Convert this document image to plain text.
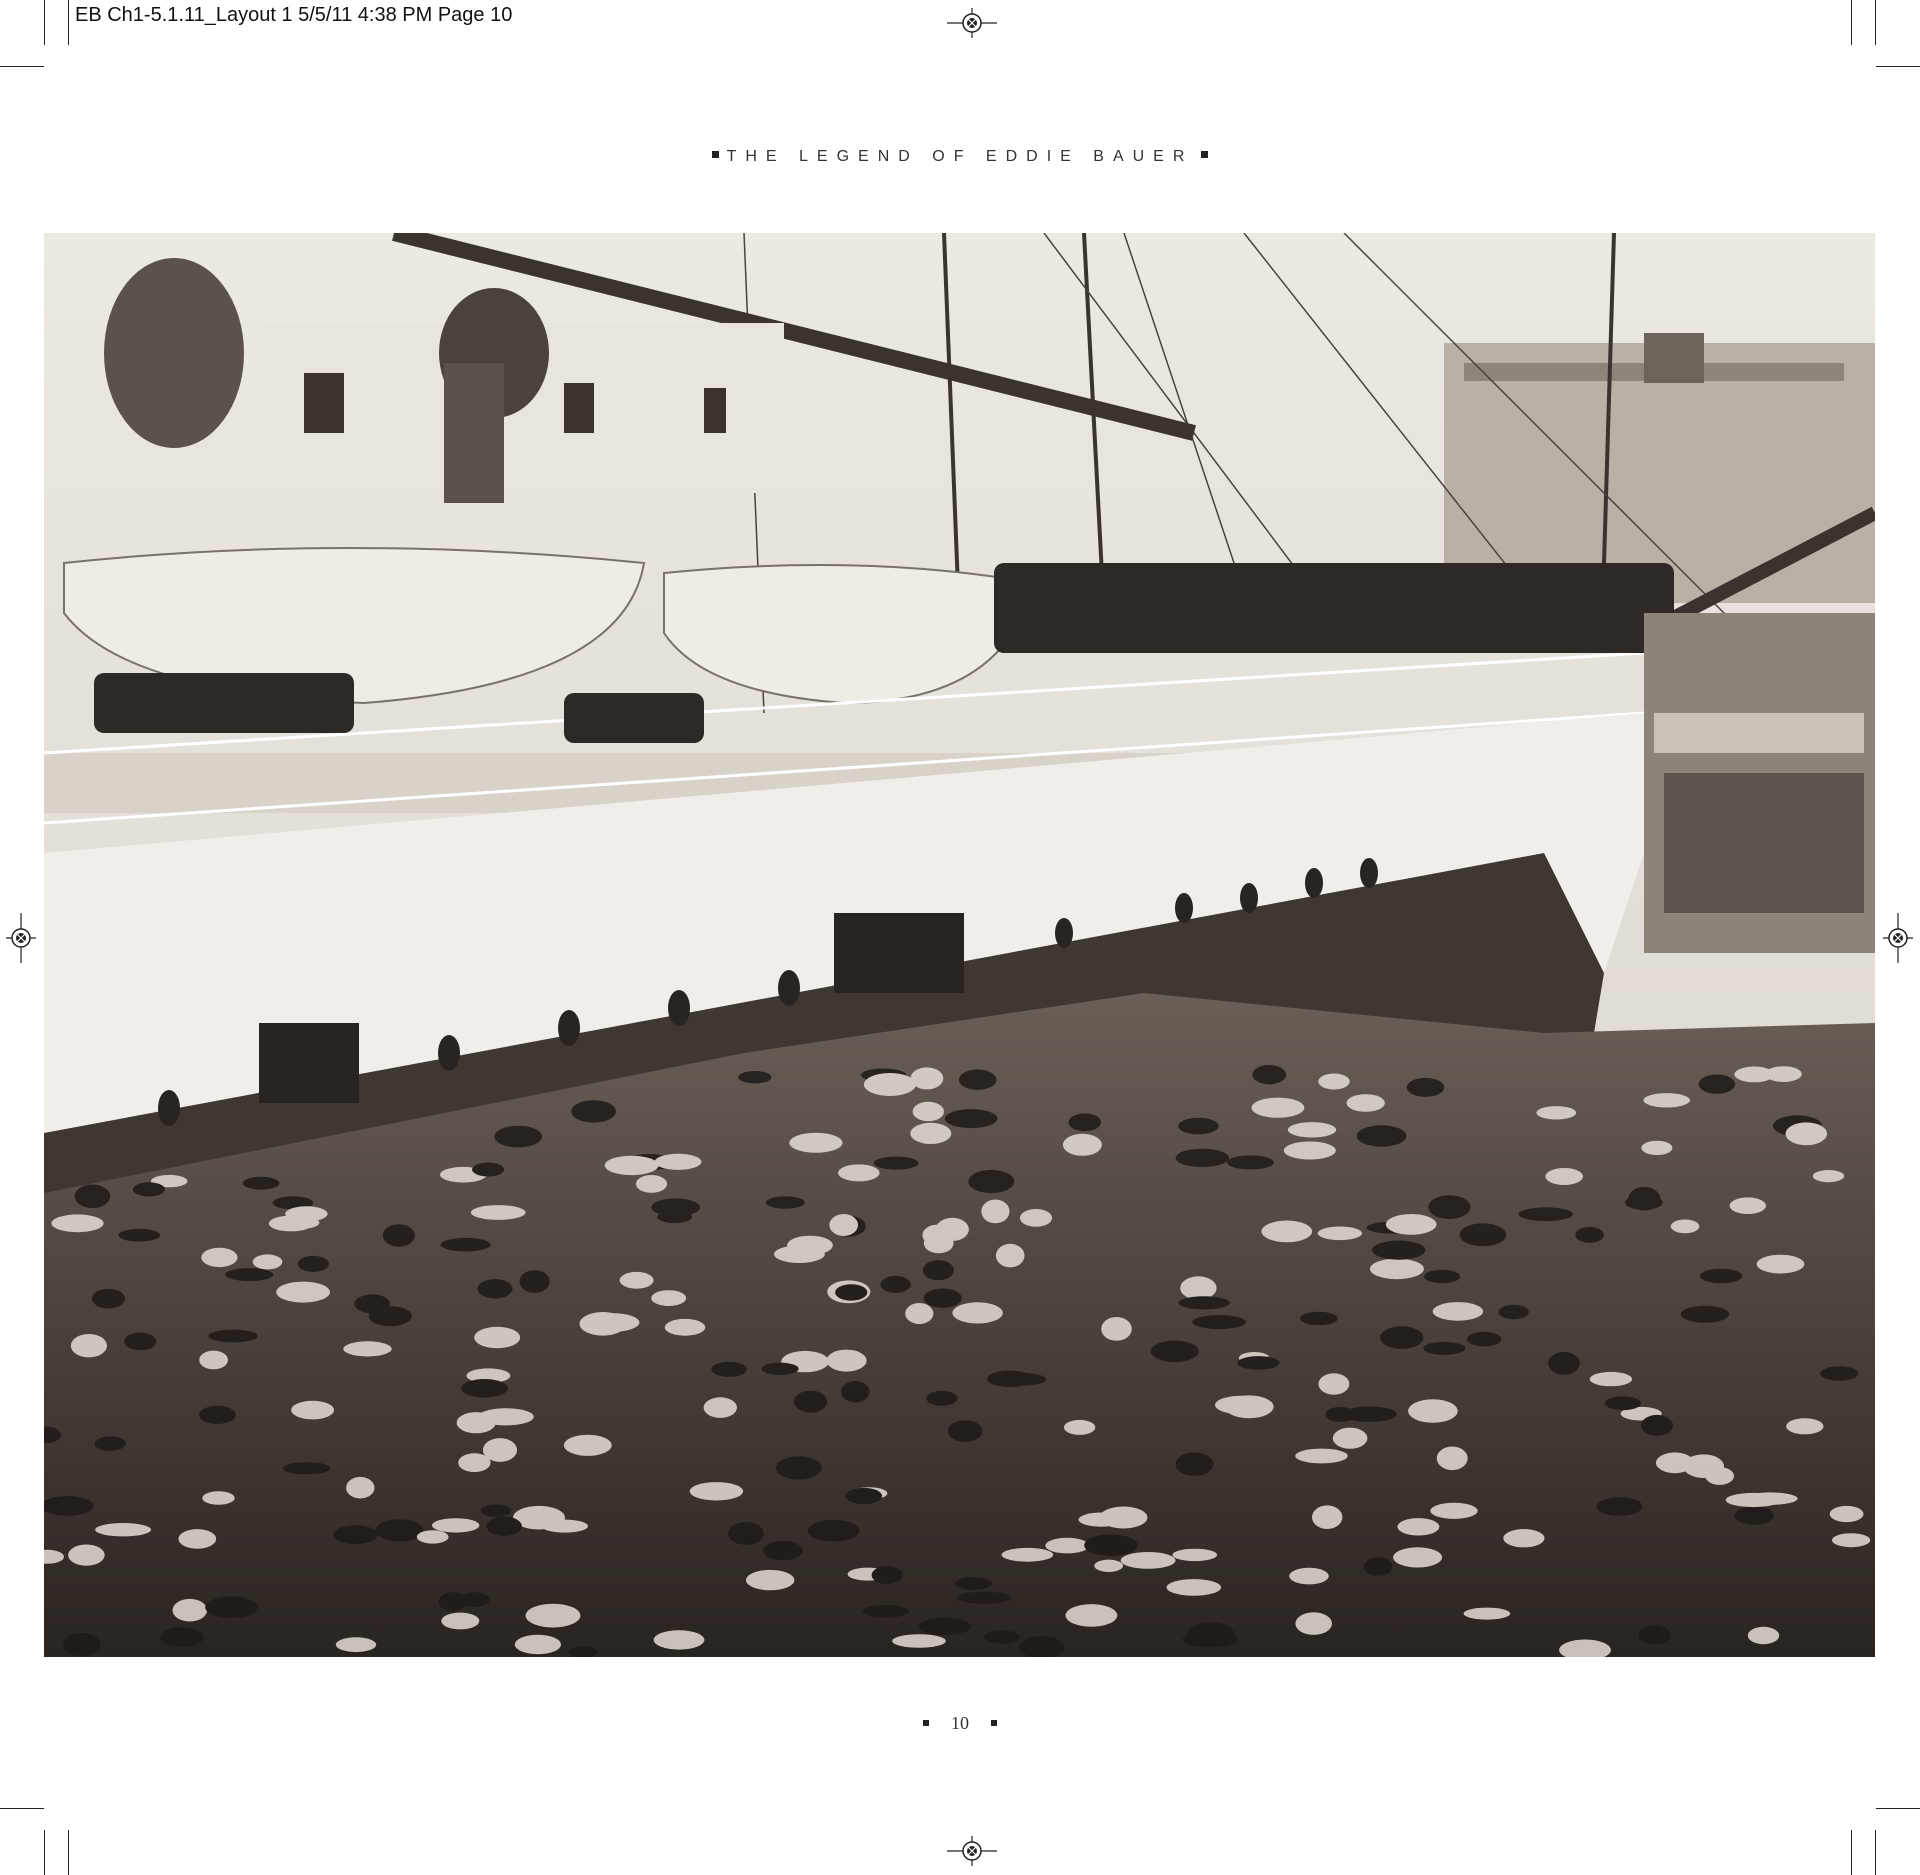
EB Ch1-5.1.11_Layout 1 5/5/11 4:38 PM Page 10
THE LEGEND OF EDDIE BAUER
10
